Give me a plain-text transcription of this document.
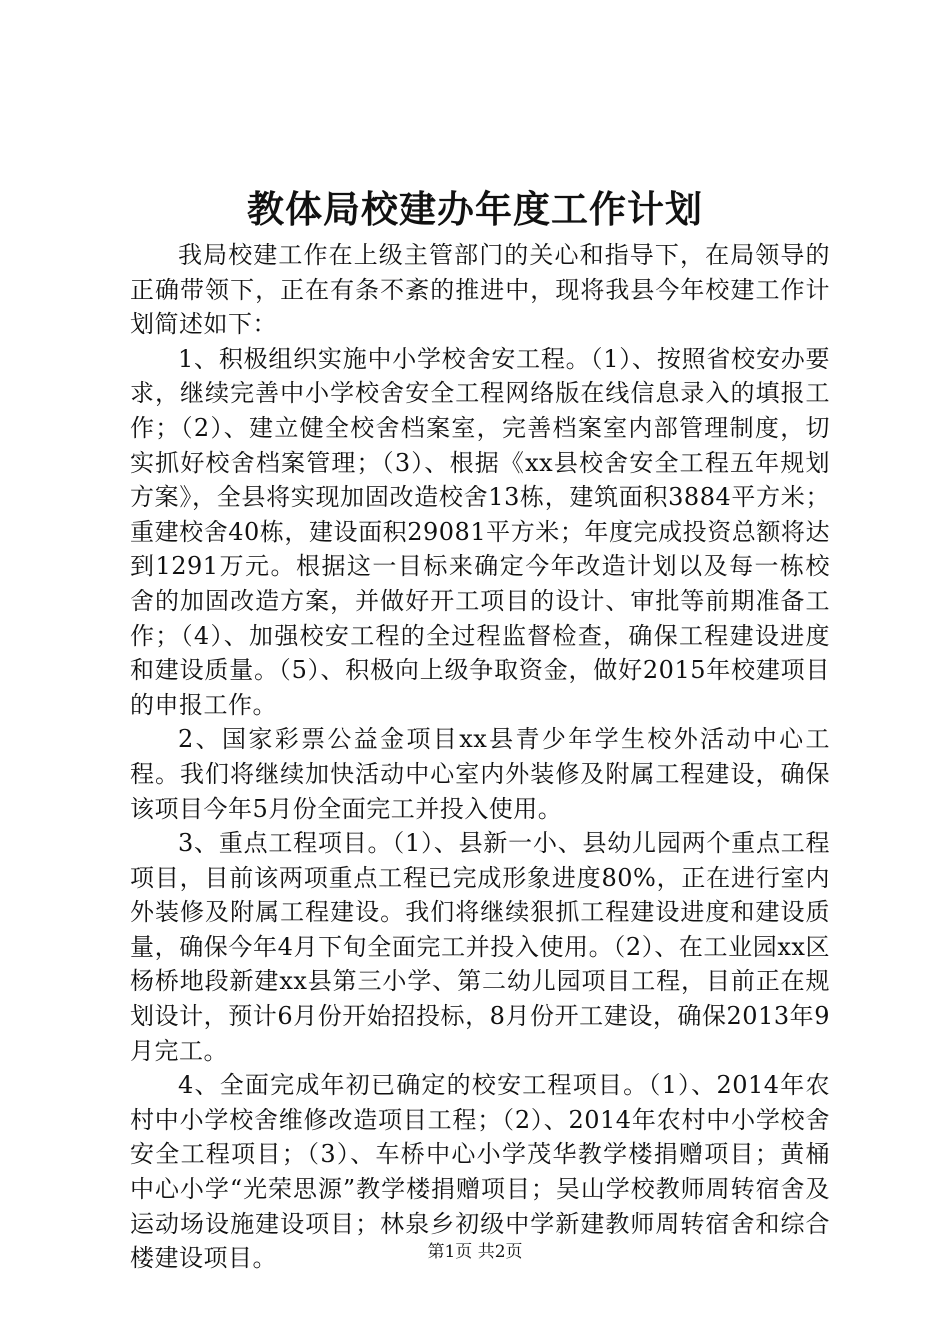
教体局校建办年度工作计划

我局校建工作在上级主管部门的关心和指导下，在局领导的正确带领下，正在有条不紊的推进中，现将我县今年校建工作计划简述如下：

1、积极组织实施中小学校舍安工程。（1）、按照省校安办要求，继续完善中小学校舍安全工程网络版在线信息录入的填报工作；（2）、建立健全校舍档案室，完善档案室内部管理制度，切实抓好校舍档案管理；（3）、根据《xx县校舍安全工程五年规划方案》，全县将实现加固改造校舍13栋，建筑面积3884平方米；重建校舍40栋，建设面积29081平方米；年度完成投资总额将达到1291万元。根据这一目标来确定今年改造计划以及每一栋校舍的加固改造方案，并做好开工项目的设计、审批等前期准备工作；（4）、加强校安工程的全过程监督检查，确保工程建设进度和建设质量。（5）、积极向上级争取资金，做好2015年校建项目的申报工作。

2、国家彩票公益金项目xx县青少年学生校外活动中心工程。我们将继续加快活动中心室内外装修及附属工程建设，确保该项目今年5月份全面完工并投入使用。

3、重点工程项目。（1）、县新一小、县幼儿园两个重点工程项目，目前该两项重点工程已完成形象进度80%，正在进行室内外装修及附属工程建设。我们将继续狠抓工程建设进度和建设质量，确保今年4月下旬全面完工并投入使用。（2）、在工业园xx区杨桥地段新建xx县第三小学、第二幼儿园项目工程，目前正在规划设计，预计6月份开始招投标，8月份开工建设，确保2013年9月完工。

4、全面完成年初已确定的校安工程项目。（1）、2014年农村中小学校舍维修改造项目工程；（2）、2014年农村中小学校舍安全工程项目；（3）、车桥中心小学茂华教学楼捐赠项目；黄桶中心小学“光荣思源”教学楼捐赠项目；吴山学校教师周转宿舍及运动场设施建设项目；林泉乡初级中学新建教师周转宿舍和综合楼建设项目。	第1页 共2页
